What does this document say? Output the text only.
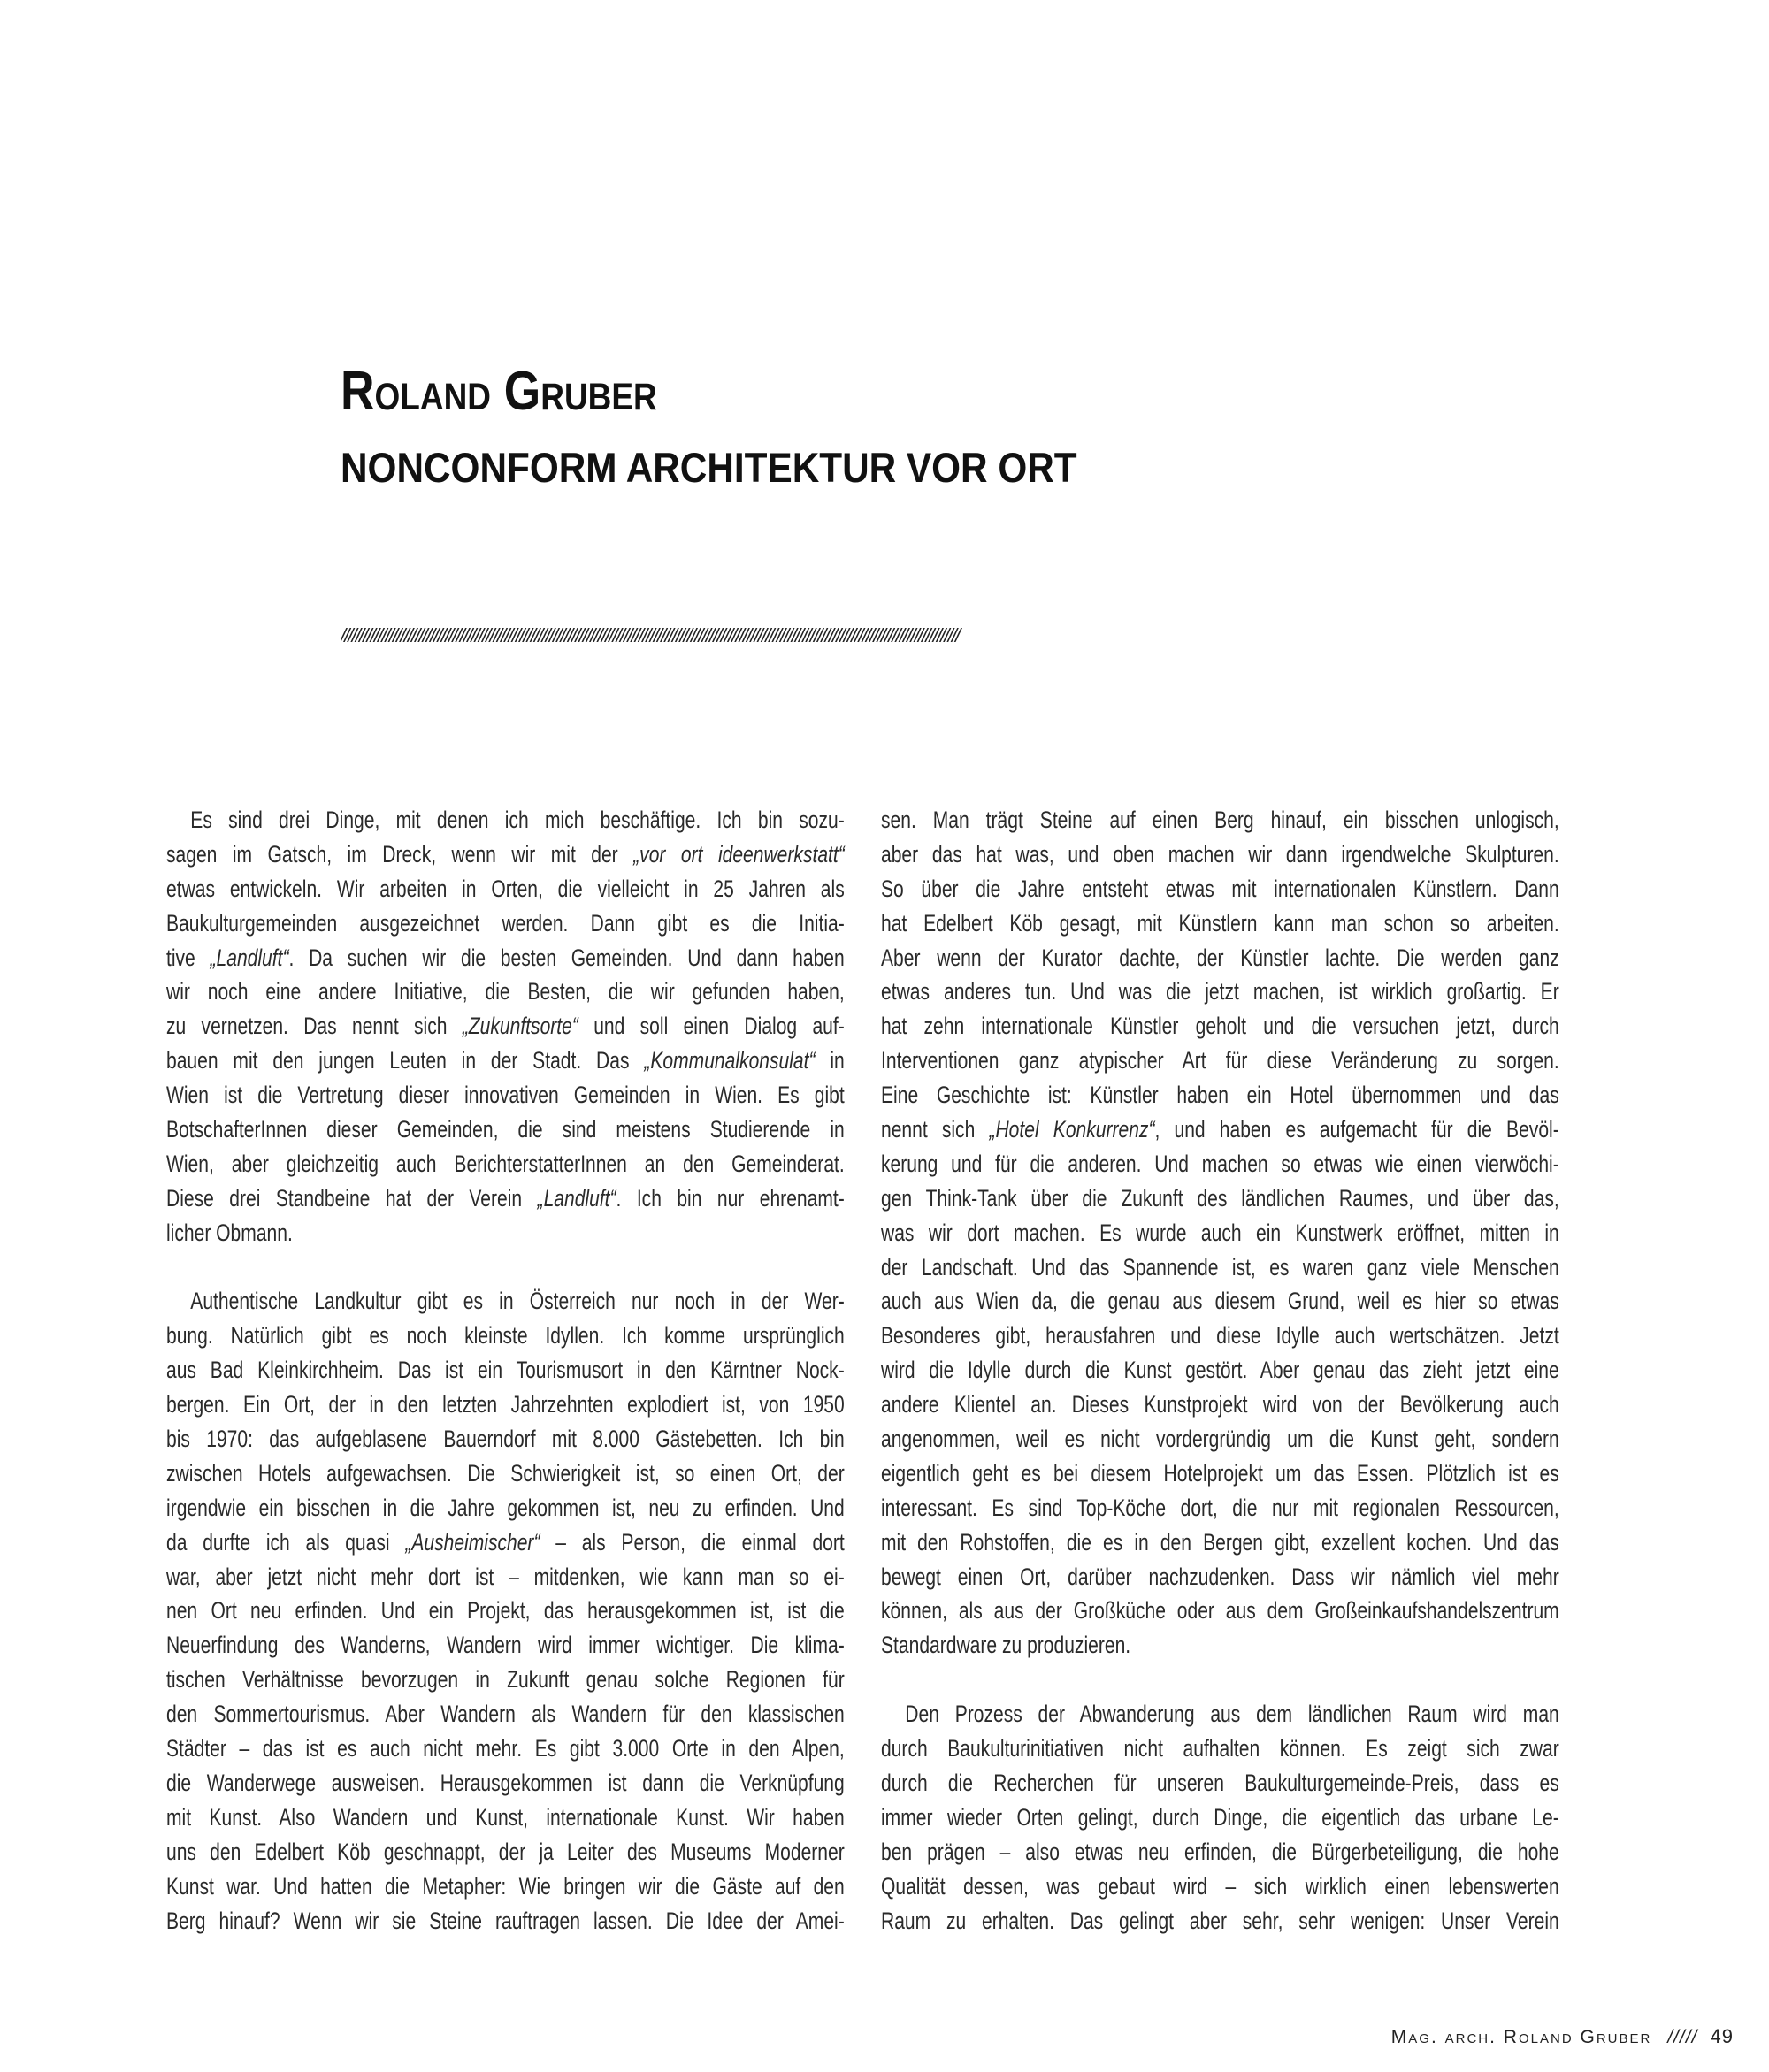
Roland Gruber
NONCONFORM ARCHITEKTUR VOR ORT
//////////////////////////////////////////////////////////////////////////////////////////////////////////////////////////////////////////////////////////////////////
Es sind drei Dinge, mit denen ich mich beschäftige. Ich bin sozu-
sagen im Gatsch, im Dreck, wenn wir mit der „vor ort ideenwerkstatt“
etwas entwickeln. Wir arbeiten in Orten, die vielleicht in 25 Jahren als
Baukulturgemeinden ausgezeichnet werden. Dann gibt es die Initia-
tive „Landluft“. Da suchen wir die besten Gemeinden. Und dann haben
wir noch eine andere Initiative, die Besten, die wir gefunden haben,
zu vernetzen. Das nennt sich „Zukunftsorte“ und soll einen Dialog auf-
bauen mit den jungen Leuten in der Stadt. Das „Kommunalkonsulat“ in
Wien ist die Vertretung dieser innovativen Gemeinden in Wien. Es gibt
BotschafterInnen dieser Gemeinden, die sind meistens Studierende in
Wien, aber gleichzeitig auch BerichterstatterInnen an den Gemeinderat.
Diese drei Standbeine hat der Verein „Landluft“. Ich bin nur ehrenamt-
licher Obmann.
Authentische Landkultur gibt es in Österreich nur noch in der Wer-
bung. Natürlich gibt es noch kleinste Idyllen. Ich komme ursprünglich
aus Bad Kleinkirchheim. Das ist ein Tourismusort in den Kärntner Nock-
bergen. Ein Ort, der in den letzten Jahrzehnten explodiert ist, von 1950
bis 1970: das aufgeblasene Bauerndorf mit 8.000 Gästebetten. Ich bin
zwischen Hotels aufgewachsen. Die Schwierigkeit ist, so einen Ort, der
irgendwie ein bisschen in die Jahre gekommen ist, neu zu erfinden. Und
da durfte ich als quasi „Ausheimischer“ – als Person, die einmal dort
war, aber jetzt nicht mehr dort ist – mitdenken, wie kann man so ei-
nen Ort neu erfinden. Und ein Projekt, das herausgekommen ist, ist die
Neuerfindung des Wanderns, Wandern wird immer wichtiger. Die klima-
tischen Verhältnisse bevorzugen in Zukunft genau solche Regionen für
den Sommertourismus. Aber Wandern als Wandern für den klassischen
Städter – das ist es auch nicht mehr. Es gibt 3.000 Orte in den Alpen,
die Wanderwege ausweisen. Herausgekommen ist dann die Verknüpfung
mit Kunst. Also Wandern und Kunst, internationale Kunst. Wir haben
uns den Edelbert Köb geschnappt, der ja Leiter des Museums Moderner
Kunst war. Und hatten die Metapher: Wie bringen wir die Gäste auf den
Berg hinauf? Wenn wir sie Steine rauftragen lassen. Die Idee der Amei-
sen. Man trägt Steine auf einen Berg hinauf, ein bisschen unlogisch,
aber das hat was, und oben machen wir dann irgendwelche Skulpturen.
So über die Jahre entsteht etwas mit internationalen Künstlern. Dann
hat Edelbert Köb gesagt, mit Künstlern kann man schon so arbeiten.
Aber wenn der Kurator dachte, der Künstler lachte. Die werden ganz
etwas anderes tun. Und was die jetzt machen, ist wirklich großartig. Er
hat zehn internationale Künstler geholt und die versuchen jetzt, durch
Interventionen ganz atypischer Art für diese Veränderung zu sorgen.
Eine Geschichte ist: Künstler haben ein Hotel übernommen und das
nennt sich „Hotel Konkurrenz“, und haben es aufgemacht für die Bevöl-
kerung und für die anderen. Und machen so etwas wie einen vierwöchi-
gen Think-Tank über die Zukunft des ländlichen Raumes, und über das,
was wir dort machen. Es wurde auch ein Kunstwerk eröffnet, mitten in
der Landschaft. Und das Spannende ist, es waren ganz viele Menschen
auch aus Wien da, die genau aus diesem Grund, weil es hier so etwas
Besonderes gibt, herausfahren und diese Idylle auch wertschätzen. Jetzt
wird die Idylle durch die Kunst gestört. Aber genau das zieht jetzt eine
andere Klientel an. Dieses Kunstprojekt wird von der Bevölkerung auch
angenommen, weil es nicht vordergründig um die Kunst geht, sondern
eigentlich geht es bei diesem Hotelprojekt um das Essen. Plötzlich ist es
interessant. Es sind Top-Köche dort, die nur mit regionalen Ressourcen,
mit den Rohstoffen, die es in den Bergen gibt, exzellent kochen. Und das
bewegt einen Ort, darüber nachzudenken. Dass wir nämlich viel mehr
können, als aus der Großküche oder aus dem Großeinkaufshandelszentrum
Standardware zu produzieren.
Den Prozess der Abwanderung aus dem ländlichen Raum wird man
durch Baukulturinitiativen nicht aufhalten können. Es zeigt sich zwar
durch die Recherchen für unseren Baukulturgemeinde-Preis, dass es
immer wieder Orten gelingt, durch Dinge, die eigentlich das urbane Le-
ben prägen – also etwas neu erfinden, die Bürgerbeteiligung, die hohe
Qualität dessen, was gebaut wird – sich wirklich einen lebenswerten
Raum zu erhalten. Das gelingt aber sehr, sehr wenigen: Unser Verein
Mag. arch. Roland Gruber ///// 49
